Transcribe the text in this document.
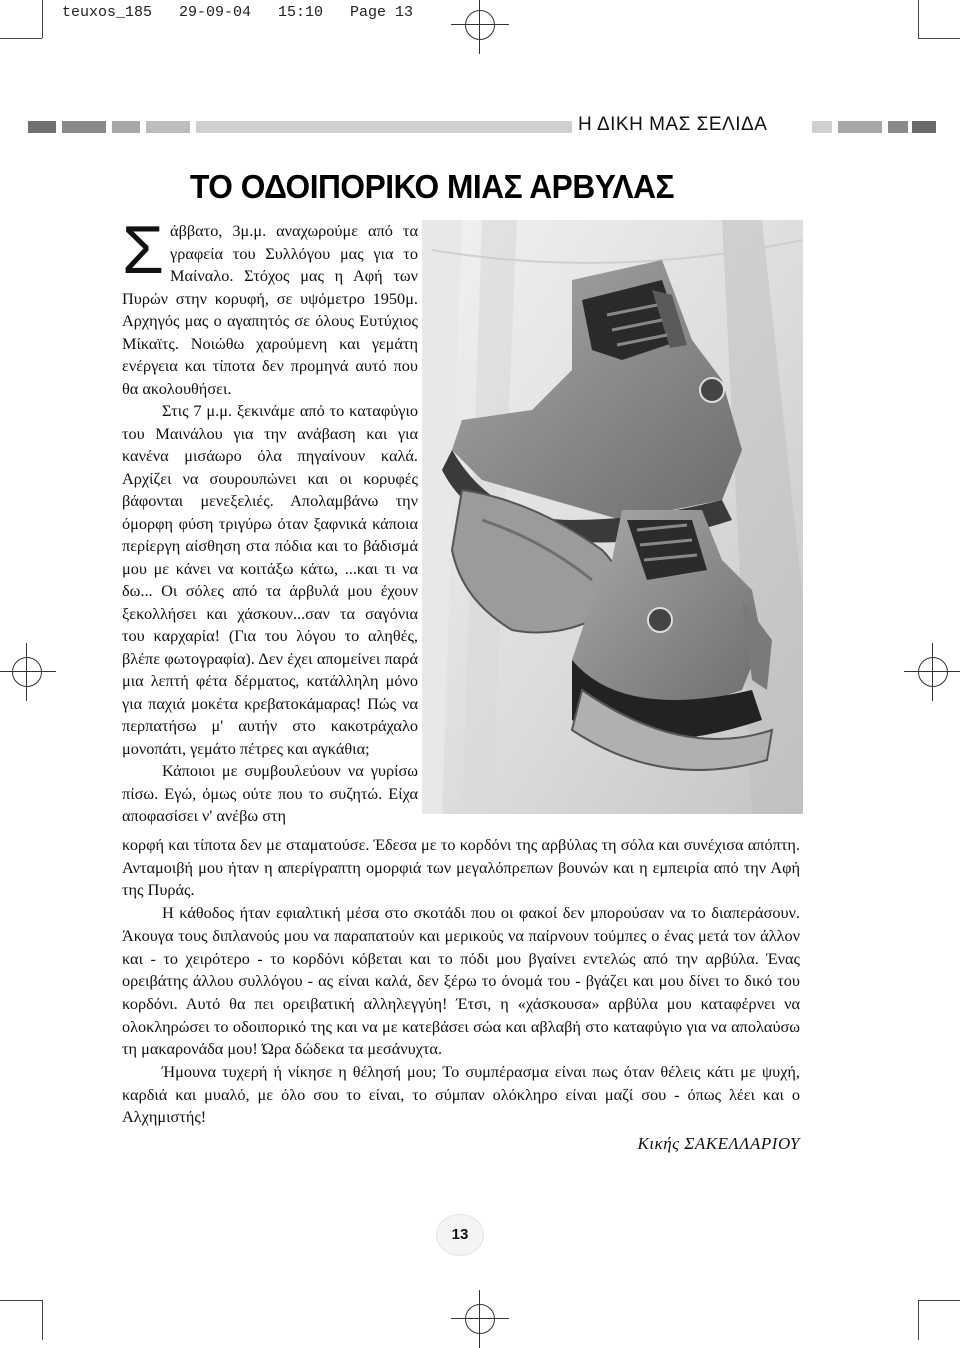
teuxos_185   29-09-04   15:10   Page 13
Η ΔΙΚΗ ΜΑΣ ΣΕΛΙΔΑ
ΤΟ ΟΔΟΙΠΟΡΙΚΟ ΜΙΑΣ ΑΡΒΥΛΑΣ

Σάββατο, 3μ.μ. αναχωρούμε από τα γραφεία του Συλλόγου μας για το Μαίναλο. Στόχος μας η Αφή των Πυρών στην κορυφή, σε υψόμετρο 1950μ. Αρχηγός μας ο αγαπητός σε όλους Ευτύχιος Μίκαϊτς. Νοιώθω χαρούμενη και γεμάτη ενέργεια και τίποτα δεν προμηνά αυτό που θα ακολουθήσει.

Στις 7 μ.μ. ξεκινάμε από το καταφύγιο του Μαινάλου για την ανάβαση και για κανένα μισάωρο όλα πηγαίνουν καλά. Αρχίζει να σουρουπώνει και οι κορυφές βάφονται μενεξελιές. Απολαμβάνω την όμορφη φύση τριγύρω όταν ξαφνικά κάποια περίεργη αίσθηση στα πόδια και το βάδισμά μου με κάνει να κοιτάξω κάτω, ...και τι να δω... Οι σόλες από τα άρβυλά μου έχουν ξεκολλήσει και χάσκουν...σαν τα σαγόνια του καρχαρία! (Για του λόγου το αληθές, βλέπε φωτογραφία). Δεν έχει απομείνει παρά μια λεπτή φέτα δέρματος, κατάλληλη μόνο για παχιά μοκέτα κρεβατοκάμαρας! Πώς να περπατήσω μ' αυτήν στο κακοτράχαλο μονοπάτι, γεμάτο πέτρες και αγκάθια;

Κάποιοι με συμβουλεύουν να γυρίσω πίσω. Εγώ, όμως ούτε που το συζητώ. Είχα αποφασίσει ν' ανέβω στη

κορφή και τίποτα δεν με σταματούσε. Έδεσα με το κορδόνι της αρβύλας τη σόλα και συνέχισα απόπτη. Ανταμοιβή μου ήταν η απερίγραπτη ομορφιά των μεγαλόπρεπων βουνών και η εμπειρία από την Αφή της Πυράς.

Η κάθοδος ήταν εφιαλτική μέσα στο σκοτάδι που οι φακοί δεν μπορούσαν να το διαπεράσουν. Άκουγα τους διπλανούς μου να παραπατούν και μερικούς να παίρνουν τούμπες ο ένας μετά τον άλλον και - το χειρότερο - το κορδόνι κόβεται και το πόδι μου βγαίνει εντελώς από την αρβύλα. Ένας ορειβάτης άλλου συλλόγου - ας είναι καλά, δεν ξέρω το όνομά του - βγάζει και μου δίνει το δικό του κορδόνι. Αυτό θα πει ορειβατική αλληλεγγύη! Έτσι, η «χάσκουσα» αρβύλα μου καταφέρνει να ολοκληρώσει το οδοιπορικό της και να με κατεβάσει σώα και αβλαβή στο καταφύγιο για να απολαύσω τη μακαρονάδα μου! Ώρα δώδεκα τα μεσάνυχτα.

Ήμουνα τυχερή ή νίκησε η θέλησή μου; Το συμπέρασμα είναι πως όταν θέλεις κάτι με ψυχή, καρδιά και μυαλό, με όλο σου το είναι, το σύμπαν ολόκληρο είναι μαζί σου - όπως λέει και ο Αλχημιστής!

Κικής ΣΑΚΕΛΛΑΡΙΟΥ
13
